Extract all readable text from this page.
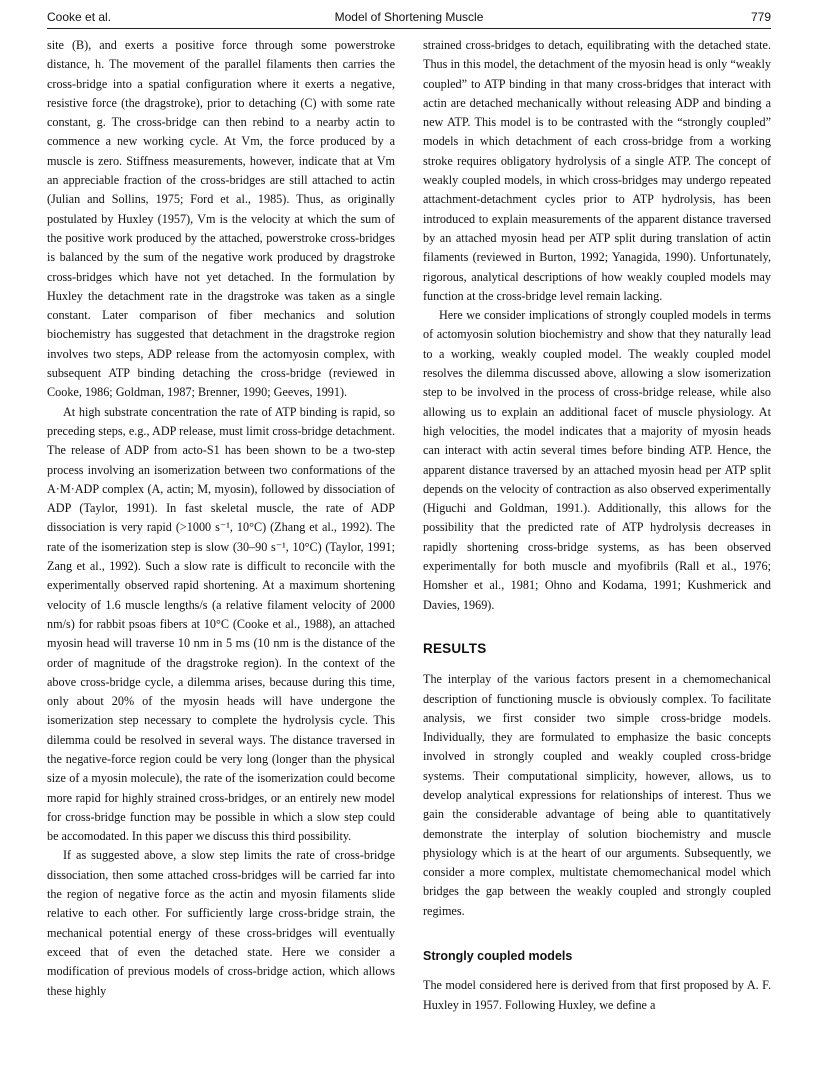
Cooke et al.	Model of Shortening Muscle	779

site (B), and exerts a positive force through some powerstroke distance, h. The movement of the parallel filaments then carries the cross-bridge into a spatial configuration where it exerts a negative, resistive force (the dragstroke), prior to detaching (C) with some rate constant, g. The cross-bridge can then rebind to a nearby actin to commence a new working cycle. At Vm, the force produced by a muscle is zero. Stiffness measurements, however, indicate that at Vm an appreciable fraction of the cross-bridges are still attached to actin (Julian and Sollins, 1975; Ford et al., 1985). Thus, as originally postulated by Huxley (1957), Vm is the velocity at which the sum of the positive work produced by the attached, powerstroke cross-bridges is balanced by the sum of the negative work produced by dragstroke cross-bridges which have not yet detached. In the formulation by Huxley the detachment rate in the dragstroke was taken as a single constant. Later comparison of fiber mechanics and solution biochemistry has suggested that detachment in the dragstroke region involves two steps, ADP release from the actomyosin complex, with subsequent ATP binding detaching the cross-bridge (reviewed in Cooke, 1986; Goldman, 1987; Brenner, 1990; Geeves, 1991).

At high substrate concentration the rate of ATP binding is rapid, so preceding steps, e.g., ADP release, must limit cross-bridge detachment. The release of ADP from acto-S1 has been shown to be a two-step process involving an isomerization between two conformations of the A·M·ADP complex (A, actin; M, myosin), followed by dissociation of ADP (Taylor, 1991). In fast skeletal muscle, the rate of ADP dissociation is very rapid (>1000 s⁻¹, 10°C) (Zhang et al., 1992). The rate of the isomerization step is slow (30–90 s⁻¹, 10°C) (Taylor, 1991; Zang et al., 1992). Such a slow rate is difficult to reconcile with the experimentally observed rapid shortening. At a maximum shortening velocity of 1.6 muscle lengths/s (a relative filament velocity of 2000 nm/s) for rabbit psoas fibers at 10°C (Cooke et al., 1988), an attached myosin head will traverse 10 nm in 5 ms (10 nm is the distance of the order of magnitude of the dragstroke region). In the context of the above cross-bridge cycle, a dilemma arises, because during this time, only about 20% of the myosin heads will have undergone the isomerization step necessary to complete the hydrolysis cycle. This dilemma could be resolved in several ways. The distance traversed in the negative-force region could be very long (longer than the physical size of a myosin molecule), the rate of the isomerization could become more rapid for highly strained cross-bridges, or an entirely new model for cross-bridge function may be possible in which a slow step could be accomodated. In this paper we discuss this third possibility.

If as suggested above, a slow step limits the rate of cross-bridge dissociation, then some attached cross-bridges will be carried far into the region of negative force as the actin and myosin filaments slide relative to each other. For sufficiently large cross-bridge strain, the mechanical potential energy of these cross-bridges will eventually exceed that of even the detached state. Here we consider a modification of previous models of cross-bridge action, which allows these highly

strained cross-bridges to detach, equilibrating with the detached state. Thus in this model, the detachment of the myosin head is only “weakly coupled” to ATP binding in that many cross-bridges that interact with actin are detached mechanically without releasing ADP and binding a new ATP. This model is to be contrasted with the “strongly coupled” models in which detachment of each cross-bridge from a working stroke requires obligatory hydrolysis of a single ATP. The concept of weakly coupled models, in which cross-bridges may undergo repeated attachment-detachment cycles prior to ATP hydrolysis, has been introduced to explain measurements of the apparent distance traversed by an attached myosin head per ATP split during translation of actin filaments (reviewed in Burton, 1992; Yanagida, 1990). Unfortunately, rigorous, analytical descriptions of how weakly coupled models may function at the cross-bridge level remain lacking.

Here we consider implications of strongly coupled models in terms of actomyosin solution biochemistry and show that they naturally lead to a working, weakly coupled model. The weakly coupled model resolves the dilemma discussed above, allowing a slow isomerization step to be involved in the process of cross-bridge release, while also allowing us to explain an additional facet of muscle physiology. At high velocities, the model indicates that a majority of myosin heads can interact with actin several times before binding ATP. Hence, the apparent distance traversed by an attached myosin head per ATP split depends on the velocity of contraction as also observed experimentally (Higuchi and Goldman, 1991.). Additionally, this allows for the possibility that the predicted rate of ATP hydrolysis decreases in rapidly shortening cross-bridge systems, as has been observed experimentally for both muscle and myofibrils (Rall et al., 1976; Homsher et al., 1981; Ohno and Kodama, 1991; Kushmerick and Davies, 1969).

RESULTS

The interplay of the various factors present in a chemomechanical description of functioning muscle is obviously complex. To facilitate analysis, we first consider two simple cross-bridge models. Individually, they are formulated to emphasize the basic concepts involved in strongly coupled and weakly coupled cross-bridge systems. Their computational simplicity, however, allows, us to develop analytical expressions for relationships of interest. Thus we gain the considerable advantage of being able to quantitatively demonstrate the interplay of solution biochemistry and muscle physiology which is at the heart of our arguments. Subsequently, we consider a more complex, multistate chemomechanical model which bridges the gap between the weakly coupled and strongly coupled regimes.

Strongly coupled models

The model considered here is derived from that first proposed by A. F. Huxley in 1957. Following Huxley, we define a
